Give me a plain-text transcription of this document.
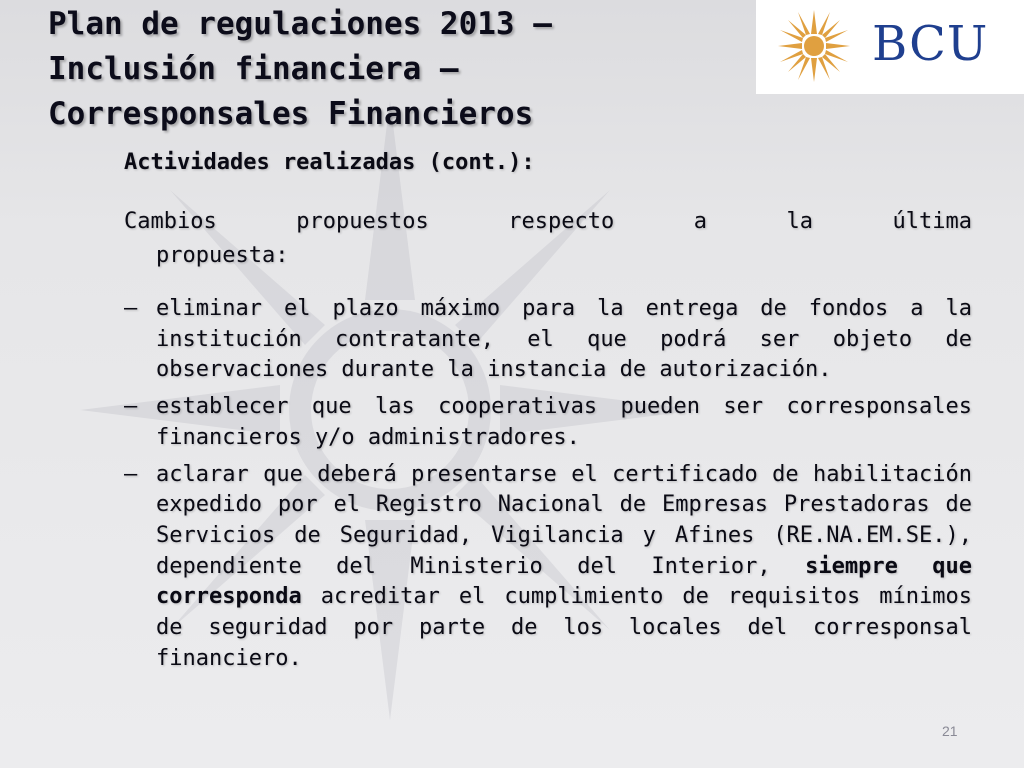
BCU
Plan de regulaciones 2013 –
Inclusión financiera –
Corresponsales Financieros
Actividades realizadas (cont.):
Cambios propuestos respecto a la última
propuesta:
– eliminar el plazo máximo para la entrega de fondos a la institución contratante, el que podrá ser objeto de observaciones durante la instancia de autorización.
– establecer que las cooperativas pueden ser corresponsales financieros y/o administradores.
– aclarar que deberá presentarse el certificado de habilitación expedido por el Registro Nacional de Empresas Prestadoras de Servicios de Seguridad, Vigilancia y Afines (RE.NA.EM.SE.), dependiente del Ministerio del Interior, siempre que corresponda acreditar el cumplimiento de requisitos mínimos de seguridad por parte de los locales del corresponsal financiero.
21
